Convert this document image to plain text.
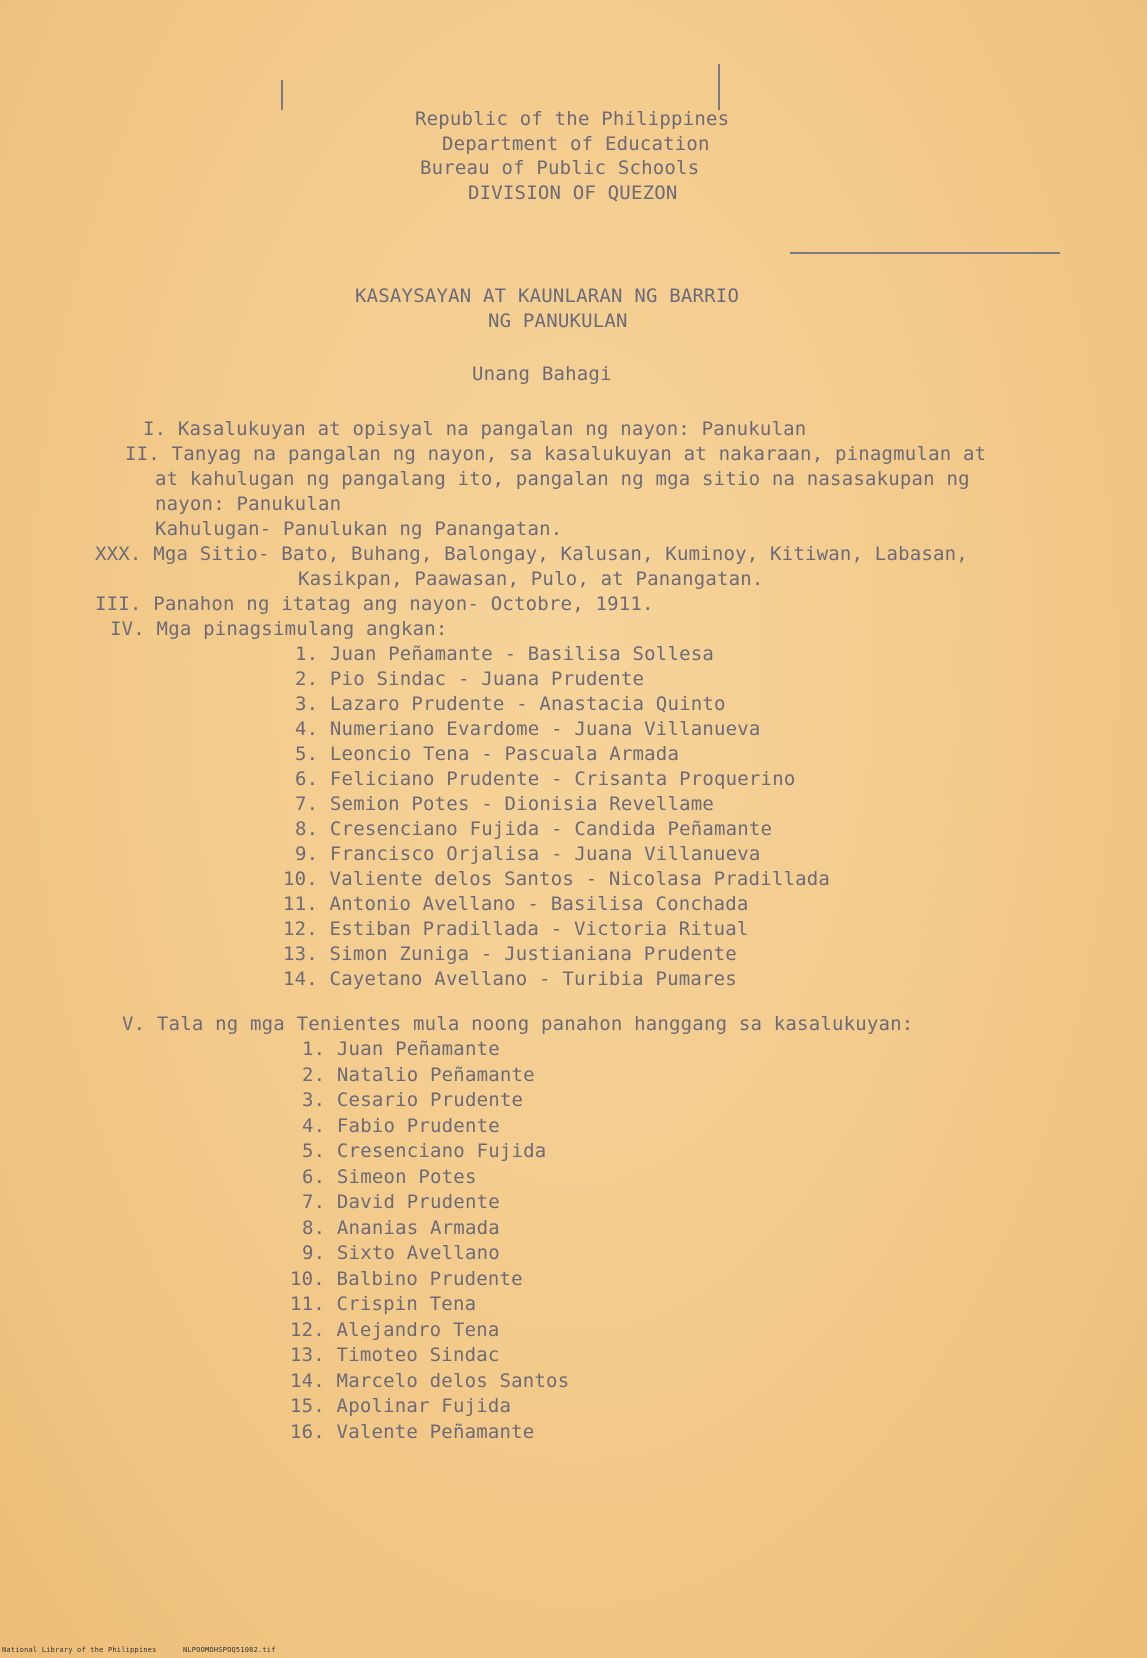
Republic of the Philippines
Department of Education
Bureau of Public Schools
DIVISION OF QUEZON
KASAYSAYAN AT KAUNLARAN NG BARRIO
NG PANUKULAN
Unang Bahagi
I. Kasalukuyan at opisyal na pangalan ng nayon: Panukulan
II. Tanyag na pangalan ng nayon, sa kasalukuyan at nakaraan, pinagmulan at
at kahulugan ng pangalang ito, pangalan ng mga sitio na nasasakupan ng
nayon: Panukulan
Kahulugan- Panulukan ng Panangatan.
XXX. Mga Sitio- Bato, Buhang, Balongay, Kalusan, Kuminoy, Kitiwan, Labasan,
Kasikpan, Paawasan, Pulo, at Panangatan.
III. Panahon ng itatag ang nayon- Octobre, 1911.
IV. Mga pinagsimulang angkan:
1. Juan Peñamante - Basilisa Sollesa
2. Pio Sindac - Juana Prudente
3. Lazaro Prudente - Anastacia Quinto
4. Numeriano Evardome - Juana Villanueva
5. Leoncio Tena - Pascuala Armada
6. Feliciano Prudente - Crisanta Proquerino
7. Semion Potes - Dionisia Revellame
8. Cresenciano Fujida - Candida Peñamante
9. Francisco Orjalisa - Juana Villanueva
10. Valiente delos Santos - Nicolasa Pradillada
11. Antonio Avellano - Basilisa Conchada
12. Estiban Pradillada - Victoria Ritual
13. Simon Zuniga - Justianiana Prudente
14. Cayetano Avellano - Turibia Pumares
V. Tala ng mga Tenientes mula noong panahon hanggang sa kasalukuyan:
1. Juan Peñamante
2. Natalio Peñamante
3. Cesario Prudente
4. Fabio Prudente
5. Cresenciano Fujida
6. Simeon Potes
7. David Prudente
8. Ananias Armada
9. Sixto Avellano
10. Balbino Prudente
11. Crispin Tena
12. Alejandro Tena
13. Timoteo Sindac
14. Marcelo delos Santos
15. Apolinar Fujida
16. Valente Peñamante
National Library of the Philippines	NLPOOMOHSPOQ51082.tif
